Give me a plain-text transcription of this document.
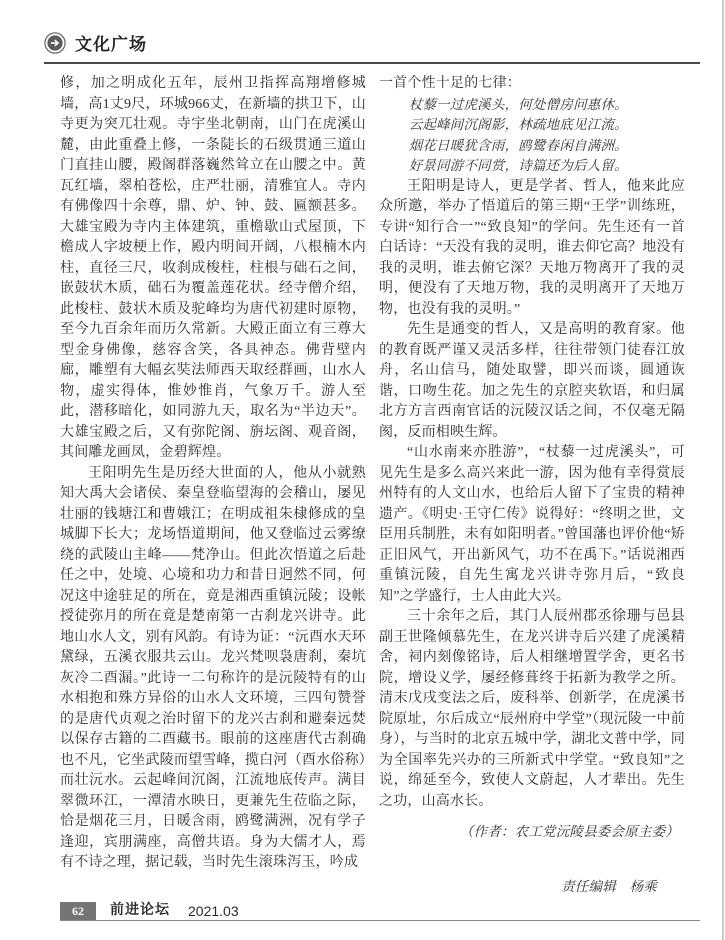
文化广场

修，加之明成化五年，辰州卫指挥高翔增修城墙，高1丈9尺，环城966丈，在新墙的拱卫下，山寺更为突兀壮观。寺宇坐北朝南，山门在虎溪山麓，由此重叠上修，一条陡长的石级贯通三道山门直挂山腰，殿阁群落巍然耸立在山腰之中。黄瓦红墙，翠柏苍松，庄严壮丽，清雅宜人。寺内有佛像四十余尊，鼎、炉、钟、鼓、匾额甚多。大雄宝殿为寺内主体建筑，重檐歇山式屋顶，下檐成人字坡梗上作，殿内明间开阔，八根楠木内柱，直径三尺，收刹成梭柱，柱根与础石之间，嵌鼓状木质，础石为覆盖莲花状。经寺僧介绍，此梭柱、鼓状木质及驼峰均为唐代初建时原物，至今九百余年而历久常新。大殿正面立有三尊大型金身佛像，慈容含笑，各具神态。佛背壁内廊，雕塑有大幅玄奘法师西天取经群画，山水人物，虚实得体，惟妙惟肖，气象万千。游人至此，潜移暗化，如同游九天，取名为“半边天”。大雄宝殿之后，又有弥陀阁、旃坛阁、观音阁，其间雕龙画凤，金碧辉煌。

王阳明先生是历经大世面的人，他从小就熟知大禹大会诸侯、秦皇登临望海的会稽山，屡见壮丽的钱塘江和曹娥江；在明成祖朱棣修成的皇城脚下长大；龙场悟道期间，他又登临过云雾缭绕的武陵山主峰——梵净山。但此次悟道之后赴任之中，处境、心境和功力和昔日迥然不同，何况这中途驻足的所在，竟是湘西重镇沅陵；设帐授徒弥月的所在竟是楚南第一古刹龙兴讲寺。此地山水人文，别有风韵。有诗为证：“沅酉水天环黛绿，五溪衣服共云山。龙兴梵呗袅唐刹，秦坑灰冷二酉漏。”此诗一二句称许的是沅陵特有的山水相抱和殊方异俗的山水人文环境，三四句赞誉的是唐代贞观之治时留下的龙兴古刹和避秦远焚以保存古籍的二酉藏书。眼前的这座唐代古刹确也不凡，它坐武陵而望雪峰，揽白河（酉水俗称）而壮沅水。云起峰间沉阁，江流地底传声。满目翠微环江，一潭清水映日，更兼先生莅临之际，恰是烟花三月，日暖含雨，鸥鹭满洲，况有学子逢迎，宾朋满座，高僧共语。身为大儒才人，焉有不诗之理，据记载，当时先生滚珠泻玉，吟成

一首个性十足的七律：

杖藜一过虎溪头，何处僧房问惠休。
云起峰间沉阁影，林疏地底见江流。
烟花日暖犹含雨，鸥鹭春闲自满洲。
好景同游不同赏，诗篇还为后人留。

王阳明是诗人，更是学者、哲人，他来此应众所邀，举办了悟道后的第三期“王学”训练班，专讲“知行合一”“致良知”的学问。先生还有一首白话诗：“天没有我的灵明，谁去仰它高？地没有我的灵明，谁去俯它深？天地万物离开了我的灵明，便没有了天地万物，我的灵明离开了天地万物，也没有我的灵明。”

先生是通变的哲人，又是高明的教育家。他的教育既严谨又灵活多样，往往带领门徒春江放舟，名山信马，随处取譬，即兴而谈，圆通诙谐，口吻生花。加之先生的京腔夹软语，和归属北方方言西南官话的沅陵汉话之间，不仅毫无隔阂，反而相映生辉。

“山水南来亦胜游”，“杖藜一过虎溪头”，可见先生是多么高兴来此一游，因为他有幸得赏辰州特有的人文山水，也给后人留下了宝贵的精神遗产。《明史·王守仁传》说得好：“终明之世，文臣用兵制胜，未有如阳明者。”曾国藩也评价他“矫正旧风气，开出新风气，功不在禹下。”话说湘西重镇沅陵，自先生寓龙兴讲寺弥月后，“致良知”之学盛行，士人由此大兴。

三十余年之后，其门人辰州郡丞徐珊与邑县副王世隆倾慕先生，在龙兴讲寺后兴建了虎溪精舍，祠内刻像铭诗，后人相继增置学舍，更名书院，增设义学，屡经修葺终于拓新为教学之所。清末戊戌变法之后，废科举、创新学，在虎溪书院原址，尔后成立“辰州府中学堂”（现沅陵一中前身），与当时的北京五城中学，湖北文普中学，同为全国率先兴办的三所新式中学堂。“致良知”之说，绵延至今，致使人文蔚起，人才辈出。先生之功，山高水长。

（作者：农工党沅陵县委会原主委）
责任编辑　杨乘
62	前进论坛 2021.03
